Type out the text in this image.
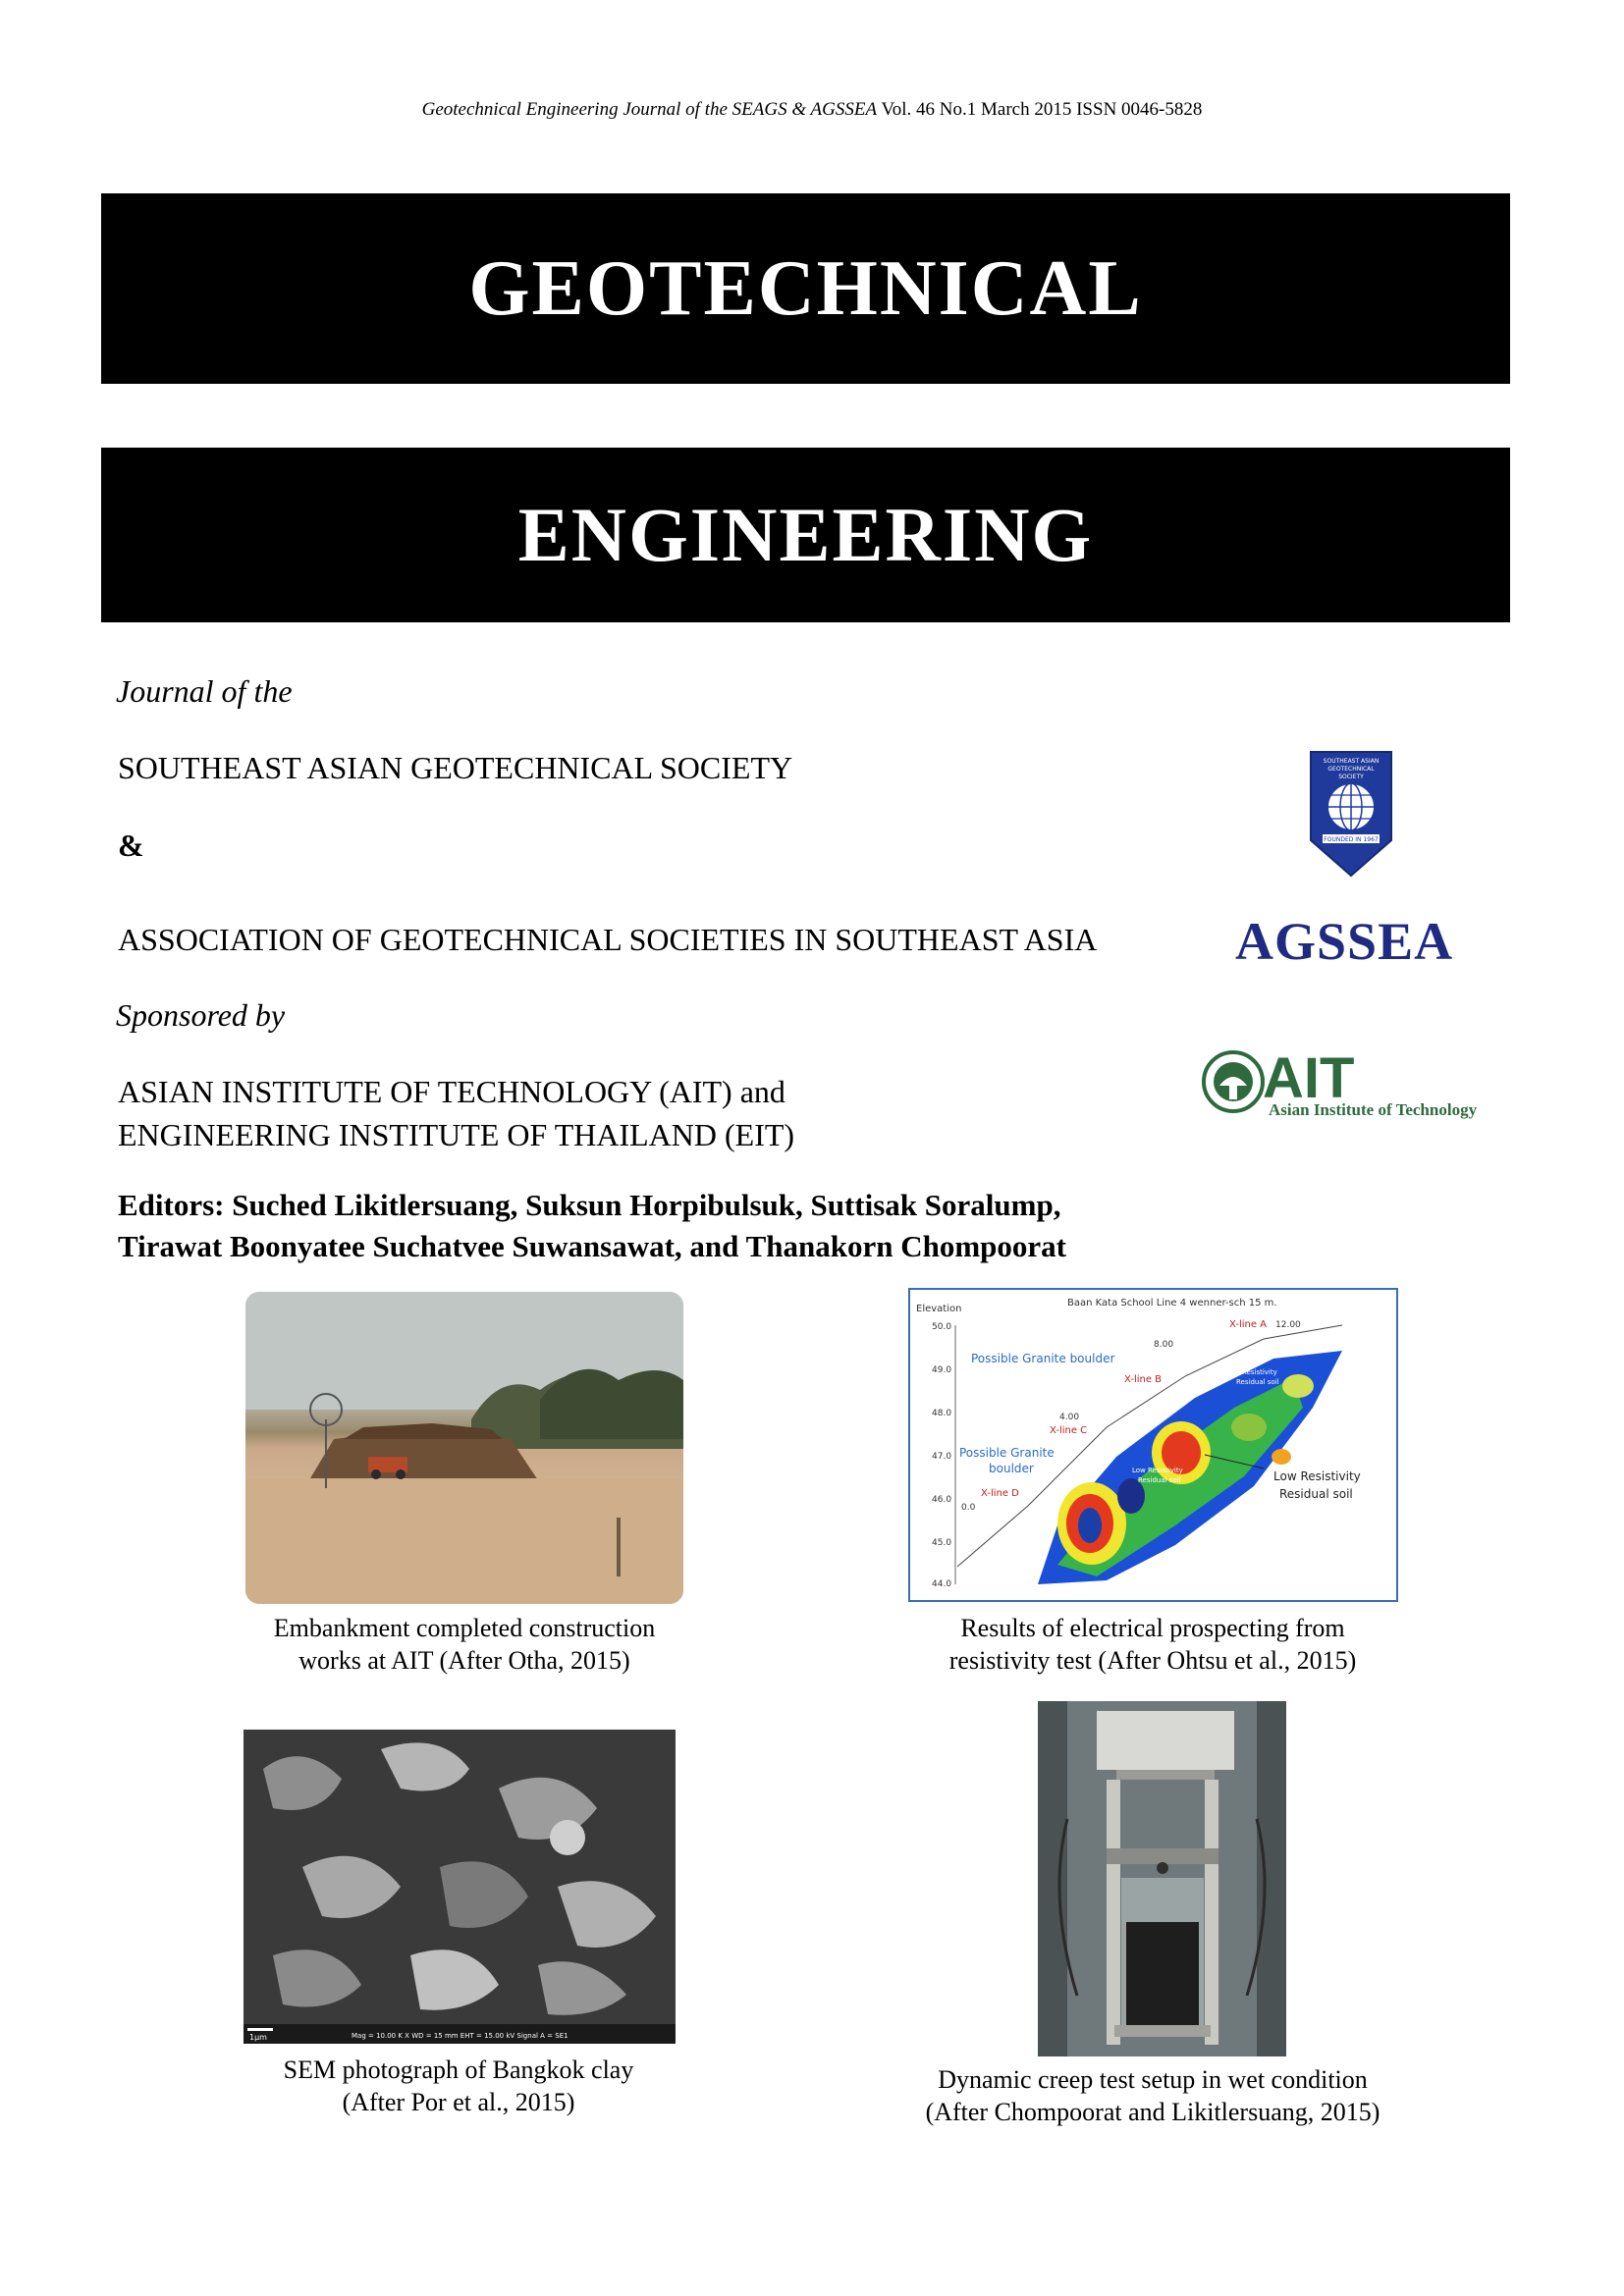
Geotechnical Engineering Journal of the SEAGS & AGSSEA Vol. 46 No.1 March 2015 ISSN 0046-5828
GEOTECHNICAL
ENGINEERING
Journal of the
SOUTHEAST ASIAN GEOTECHNICAL SOCIETY
&
ASSOCIATION OF GEOTECHNICAL SOCIETIES IN SOUTHEAST ASIA
Sponsored by
ASIAN INSTITUTE OF TECHNOLOGY (AIT) and
ENGINEERING INSTITUTE OF THAILAND (EIT)
Editors: Suched Likitlersuang, Suksun Horpibulsuk, Suttisak Soralump,
Tirawat Boonyatee Suchatvee Suwansawat, and Thanakorn Chompoorat
SOUTHEAST ASIAN
GEOTECHNICAL
SOCIETY
FOUNDED IN 1967
AGSSEA
AIT
Asian Institute of Technology
Baan Kata School Line 4 wenner-sch 15 m.
Elevation
50.0
49.0
48.0
47.0
46.0
45.0
44.0
X-line A 12.00
8.00
Possible Granite boulder
X-line B
Low Resistivity
Residual soil
4.00
X-line C
Possible Granite
boulder	Low Resistivity
Residual soil	Low Resistivity
Residual soil
X-line D
0.0
1μm	Mag = 10.00 K X WD = 15 mm EHT = 15.00 kV Signal A = SE1
Embankment completed construction
works at AIT (After Otha, 2015)
Results of electrical prospecting from
resistivity test (After Ohtsu et al., 2015)
SEM photograph of Bangkok clay
(After Por et al., 2015)
Dynamic creep test setup in wet condition
(After Chompoorat and Likitlersuang, 2015)
